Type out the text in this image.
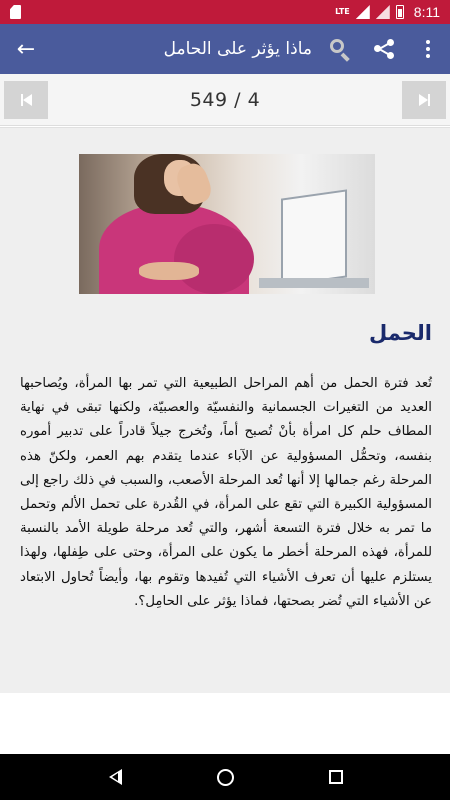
LTE	8:11
←	ماذا يؤثر على الحامل
549 / 4
الحمل

تُعد فترة الحمل من أهم المراحل الطبيعية التي تمر بها المرأة، ويُصاحبها العديد من التغيرات الجسمانية والنفسيّة والعصبيّة، ولكنها تبقى في نهاية المطاف حلم كل امرأة بأنْ تُصبح أماً، وتُخرج جيلاً قادراً على تدبير أموره بنفسه، وتحمُّل المسؤولية عن الآباء عندما يتقدم بهم العمر، ولكنّ هذه المرحلة رغم جمالها إلا أنها تُعد المرحلة الأصعب، والسبب في ذلك راجع إلى المسؤولية الكبيرة التي تقع على المرأة، في القُدرة على تحمل الألم وتحمل ما تمر به خلال فترة التسعة أشهر، والتي تُعد مرحلة طويلة الأمد بالنسبة للمرأة، فهذه المرحلة أخطر ما يكون على المرأة، وحتى على طِفلها، ولهذا يستلزم عليها أن تعرف الأشياء التي تُفيدها وتقوم بها، وأيضاً تُحاول الابتعاد عن الأشياء التي تُضر بصحتها، فماذا يؤثر على الحامِل؟.
